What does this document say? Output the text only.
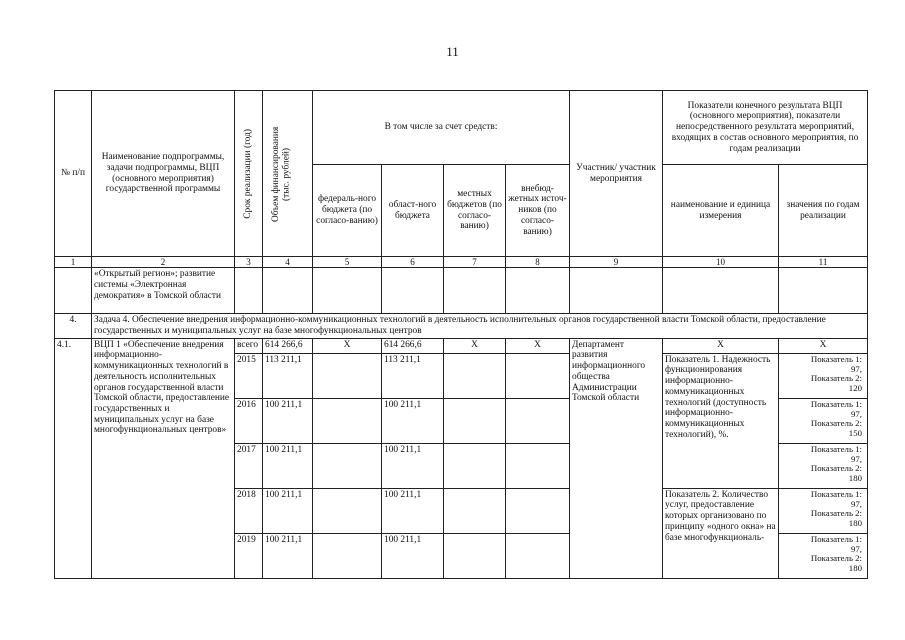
11
№ п/п	Наименование подпрограммы, задачи подпрограммы, ВЦП (основного мероприятия) государственной программы	Срок реализации (год)	Объем финансирования (тыс. рублей)	В том числе за счет средств:				Участник/ участник мероприятия	Показатели конечного результата ВЦП (основного мероприятия), показатели непосредственного результата мероприятий, входящих в состав основного мероприятия, по годам реализации	
				федераль-ного бюджета (по согласо-ванию)	област-ного бюджета	местных бюджетов (по согласо-ванию)	внебюд-жетных источ-ников (по согласо-ванию)		наименование и единица измерения	значения по годам реализации
1	2	3	4	5	6	7	8	9	10	11
	«Открытый регион»; развитие системы «Электронная демократия» в Томской области									
4.	Задача 4. Обеспечение внедрения информационно-коммуникационных технологий в деятельность исполнительных органов государственной власти Томской области, предоставление государственных и муниципальных услуг на базе многофункциональных центров									
4.1.	ВЦП 1 «Обеспечение внедрения информационно-коммуникационных технологий в деятельность исполнительных органов государственной власти Томской области, предоставление государственных и муниципальных услуг на базе многофункциональных центров»	всего	614 266,6	X	614 266,6	X	X	Департамент развития информационного общества Администрации Томской области	X	X
		2015	113 211,1		113 211,1				Показатель 1. Надежность функционирования информационно-коммуникационных технологий (доступность информационно-коммуникационных технологий), %.	Показатель 1:
97,
Показатель 2:
120

		2016	100 211,1		100 211,1					Показатель 1:
97,
Показатель 2:
150

		2017	100 211,1		100 211,1					Показатель 1:
97,
Показатель 2:
180

		2018	100 211,1		100 211,1				Показатель 2. Количество услуг, предоставление которых организовано по принципу «одного окна» на базе многофункциональ-	Показатель 1:
97,
Показатель 2:
180

		2019	100 211,1		100 211,1					Показатель 1:
97,
Показатель 2:
180
